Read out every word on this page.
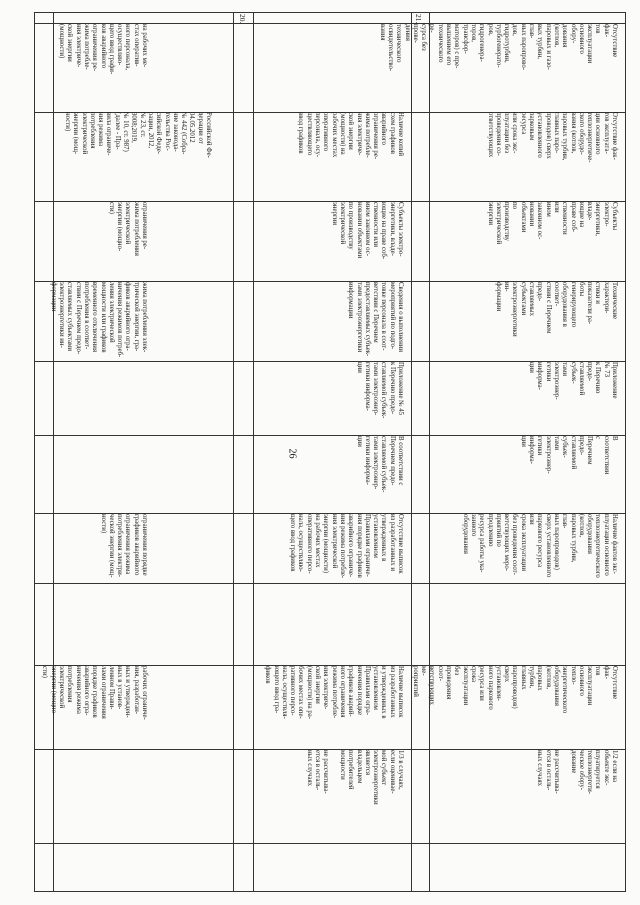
26
на рабочих ме-
стах оператив-
ного персонала,
осуществляю-
щего ввод графи-
ков аварийного
ограничения ре-
жима потребле-
ния электриче-
ской энергии
(мощности)
Российской Фе-
дерации от
04.05.2012
№ 442 (Собра-
ние законода-
тельства Рос-
сийской Феде-
рации, 2012,
№ 23, ст.
3008;2019,
№ 10, ст. 987)
(далее - Пра-
вила ограниче-
ния режима
потребления
электрической
энергии (мощ-
ности)
ограничения ре-
жима потребления
электрической
энергии (мощно-
сти)
жима потребления элек-
трической энергии, гра-
фиков аварийного огра-
ничения режимов потреб-
ления электрической
мощности или графиков
временного отключения
потребления в соответ-
ствии с Перечнем предо-
ставляемых субъектами
электроэнергетики ин-
формации
ограничения порядке
графиков аварийного
ограничения режима
потребления электри-
ческой энергии (мощ-
ности)
рабочих ограниче-
ния, разработан-
ных и утвержден-
ных в установ-
ленном Прави-
лами ограничения
порядке графиков
аварийного огра-
ничения режима
потребления
электрической
энергии (мощно-
сти)
20.
Наличие копий
схем графиков
аварийного
ограничения ре-
жима потребле-
ния электриче-
ской энергии
(мощности) на
рабочих местах
оперативного
персонала, осу-
ществляющего
ввод графиков
Субъекты электро-
энергетики, владе-
ющие на праве соб-
ственности или
ином законном ос-
новании объектами
по производству
электрической
энергии
Сведения о выполнении
мероприятий по подго-
товке персонала в соот-
ветствии с Перечнем
предоставляемых субъек-
тами электроэнергетики
информации
Приложение № 45
к Перечню предо-
ставляемой субъек-
тами электроэнер-
гетики информа-
ции
В соответствии с
Перечнем предо-
ставляемой субъек-
тами электроэнер-
гетики информа-
ции
Отсутствие выписок
из разработанных и
утвержденных в
установленном
Правилами ограниче-
ния порядке графиков
аварийного ограниче-
ния режима потребле-
ния электрической
энергии (мощности)
на рабочих местах
оперативного персо-
нала, осуществляю-
щего ввод графиков
Наличие выписок
из разработанных
и утвержденных в
установленном
Правилами огра-
ничения порядке
графиков аварий-
ного ограничения
режима потребле-
ния электриче-
ской энергии
(мощности) на ра-
бочих местах опе-
ративного персо-
нала, осуществля-
ющего ввод гра-
фиков
1/3 в случаях,
если оценивае-
мой субъект
электроэнергетики
является
владельцем
потребителей
мощности

не рассчитыва-
ется в осталь-
ных случаях
21.
Отсутствие фак-
тов эксплуатации
основного обору-
дования (котлов,
паровых и газо-
вых турбин, глав-
ных паропрово-
дов, гидротурбин,
турбогенерато-
ров, гидрогенера-
торов, трансфор-
маторов) с пре-
вышением его
технического ре-
сурса без прове-
дения технического
освидетельство-
вания
Отсутствие фак-
тов эксплуата-
ции основного
теплоэнергетиче-
ского оборудо-
вания (котлов,
паровых турбин,
главных паро-
проводов) сверх
установленного
парковым ресурса
или срока экс-
плуатации без
проведения со-
ответствующих
Субъекты электро-
энергетики, владе-
ющие на праве соб-
ственности или
ином законном ос-
новании объектами
по производству
электрической
энергии
Технические характери-
стики и показатели ра-
боты генерирующего
оборудования в соответ-
ствии с Перечнем предо-
ставляемых субъектами
электроэнергетики ин-
формации
Приложение № 73
к Перечню предо-
ставляемой субъек-
тами электроэнер-
гетики информа-
ции
В соответствии с
Перечнем предо-
ставляемой субъек-
тами электроэнер-
гетики информа-
ции
Наличие фактов экс-
плуатации основного
теплоэнергетического
оборудования (котлов,
паровых турбин, глав-
ных паропроводов)
сверх установленного
паркового ресурса или
срока эксплуатации
без проведения соот-
ветствующих меро-
приятий по продлению
ресурса работы ука-
занного оборудования
Отсутствие фак-
тов эксплуатации
основного тепло-
энергетического
оборудования
(котлов, паровых
турбин, главных
паропроводов)
сверх установлен-
ного паркового
ресурса или срока
эксплуатации без
проведения соот-
ветствующих ме-
роприятий
1/2 если на
объекте экс-
плуатируется
теплоэнергети-
ческое обору-
дование

не рассчитыва-
ется в осталь-
ных случаях
